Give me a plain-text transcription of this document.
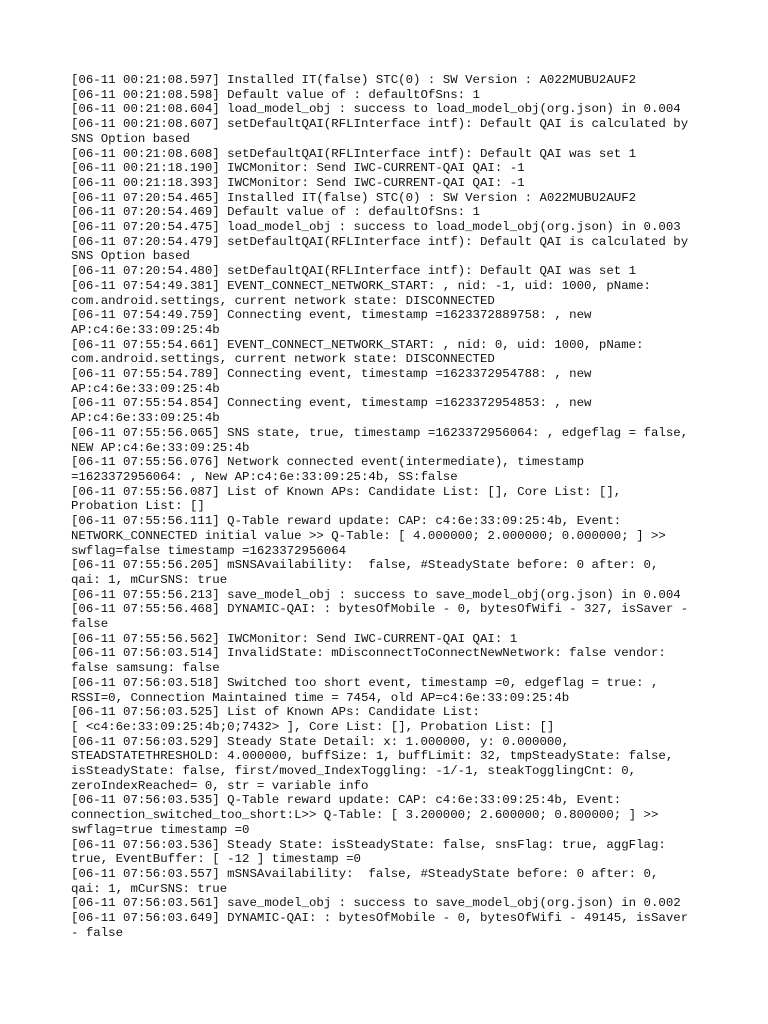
[06-11 00:21:08.597] Installed IT(false) STC(0) : SW Version : A022MUBU2AUF2
[06-11 00:21:08.598] Default value of : defaultOfSns: 1
[06-11 00:21:08.604] load_model_obj : success to load_model_obj(org.json) in 0.004
[06-11 00:21:08.607] setDefaultQAI(RFLInterface intf): Default QAI is calculated by
SNS Option based
[06-11 00:21:08.608] setDefaultQAI(RFLInterface intf): Default QAI was set 1
[06-11 00:21:18.190] IWCMonitor: Send IWC-CURRENT-QAI QAI: -1
[06-11 00:21:18.393] IWCMonitor: Send IWC-CURRENT-QAI QAI: -1
[06-11 07:20:54.465] Installed IT(false) STC(0) : SW Version : A022MUBU2AUF2
[06-11 07:20:54.469] Default value of : defaultOfSns: 1
[06-11 07:20:54.475] load_model_obj : success to load_model_obj(org.json) in 0.003
[06-11 07:20:54.479] setDefaultQAI(RFLInterface intf): Default QAI is calculated by
SNS Option based
[06-11 07:20:54.480] setDefaultQAI(RFLInterface intf): Default QAI was set 1
[06-11 07:54:49.381] EVENT_CONNECT_NETWORK_START: , nid: -1, uid: 1000, pName:
com.android.settings, current network state: DISCONNECTED
[06-11 07:54:49.759] Connecting event, timestamp =1623372889758: , new
AP:c4:6e:33:09:25:4b
[06-11 07:55:54.661] EVENT_CONNECT_NETWORK_START: , nid: 0, uid: 1000, pName:
com.android.settings, current network state: DISCONNECTED
[06-11 07:55:54.789] Connecting event, timestamp =1623372954788: , new
AP:c4:6e:33:09:25:4b
[06-11 07:55:54.854] Connecting event, timestamp =1623372954853: , new
AP:c4:6e:33:09:25:4b
[06-11 07:55:56.065] SNS state, true, timestamp =1623372956064: , edgeflag = false,
NEW AP:c4:6e:33:09:25:4b
[06-11 07:55:56.076] Network connected event(intermediate), timestamp
=1623372956064: , New AP:c4:6e:33:09:25:4b, SS:false
[06-11 07:55:56.087] List of Known APs: Candidate List: [], Core List: [],
Probation List: []
[06-11 07:55:56.111] Q-Table reward update: CAP: c4:6e:33:09:25:4b, Event:
NETWORK_CONNECTED initial value >> Q-Table: [ 4.000000; 2.000000; 0.000000; ] >>
swflag=false timestamp =1623372956064
[06-11 07:55:56.205] mSNSAvailability:  false, #SteadyState before: 0 after: 0,
qai: 1, mCurSNS: true
[06-11 07:55:56.213] save_model_obj : success to save_model_obj(org.json) in 0.004
[06-11 07:55:56.468] DYNAMIC-QAI: : bytesOfMobile - 0, bytesOfWifi - 327, isSaver -
false
[06-11 07:55:56.562] IWCMonitor: Send IWC-CURRENT-QAI QAI: 1
[06-11 07:56:03.514] InvalidState: mDisconnectToConnectNewNetwork: false vendor:
false samsung: false
[06-11 07:56:03.518] Switched too short event, timestamp =0, edgeflag = true: ,
RSSI=0, Connection Maintained time = 7454, old AP=c4:6e:33:09:25:4b
[06-11 07:56:03.525] List of Known APs: Candidate List:
[ <c4:6e:33:09:25:4b;0;7432> ], Core List: [], Probation List: []
[06-11 07:56:03.529] Steady State Detail: x: 1.000000, y: 0.000000,
STEADSTATETHRESHOLD: 4.000000, buffSize: 1, buffLimit: 32, tmpSteadyState: false,
isSteadyState: false, first/moved_IndexToggling: -1/-1, steakTogglingCnt: 0,
zeroIndexReached= 0, str = variable info
[06-11 07:56:03.535] Q-Table reward update: CAP: c4:6e:33:09:25:4b, Event:
connection_switched_too_short:L>> Q-Table: [ 3.200000; 2.600000; 0.800000; ] >>
swflag=true timestamp =0
[06-11 07:56:03.536] Steady State: isSteadyState: false, snsFlag: true, aggFlag:
true, EventBuffer: [ -12 ] timestamp =0
[06-11 07:56:03.557] mSNSAvailability:  false, #SteadyState before: 0 after: 0,
qai: 1, mCurSNS: true
[06-11 07:56:03.561] save_model_obj : success to save_model_obj(org.json) in 0.002
[06-11 07:56:03.649] DYNAMIC-QAI: : bytesOfMobile - 0, bytesOfWifi - 49145, isSaver
- false
